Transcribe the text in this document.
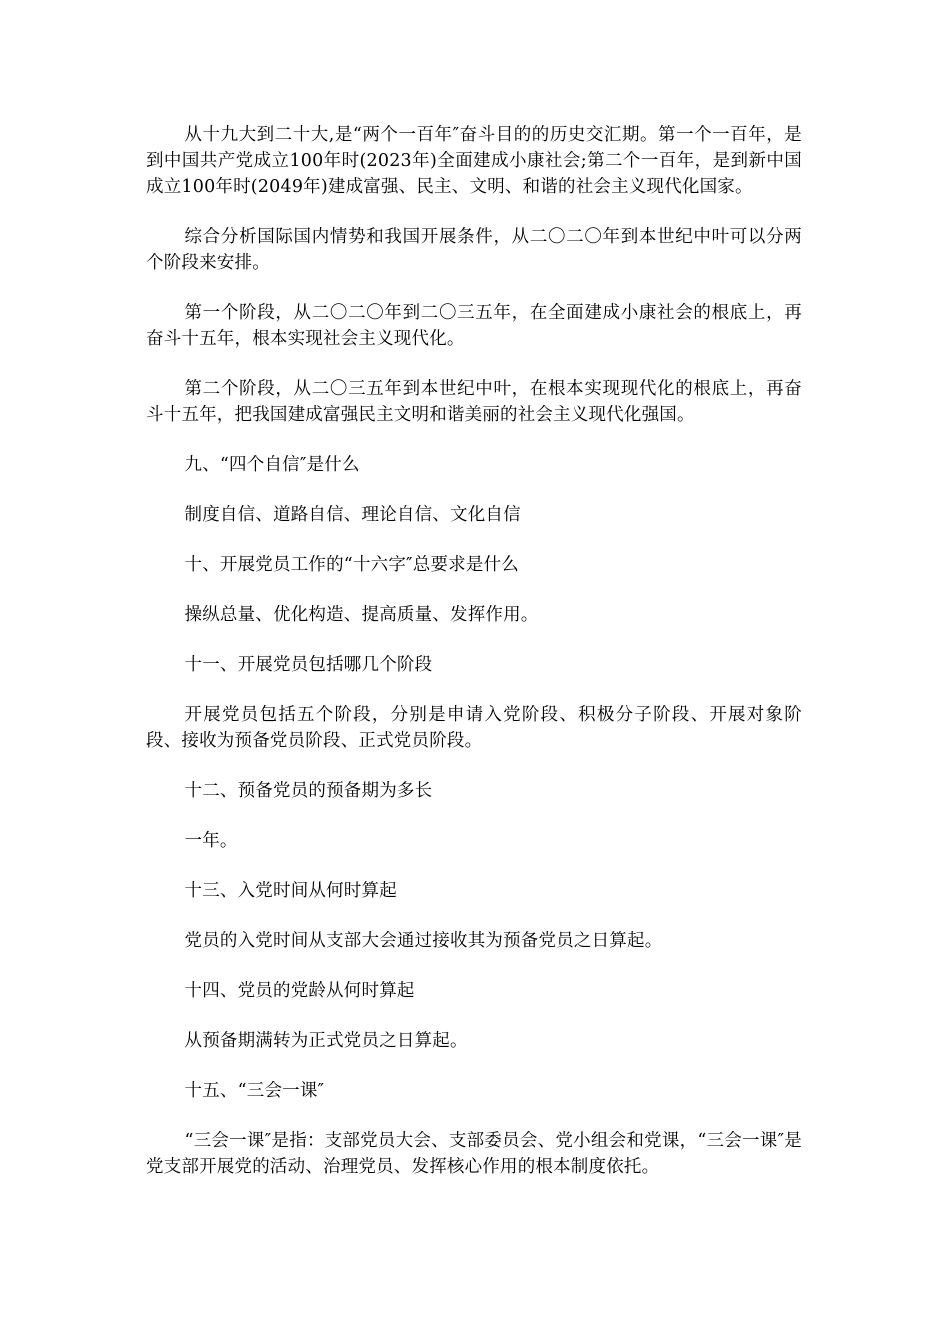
从十九大到二十大,是“两个一百年″奋斗目的的历史交汇期。第一个一百年，是到中国共产党成立100年时(2023年)全面建成小康社会;第二个一百年，是到新中国成立100年时(2049年)建成富强、民主、文明、和谐的社会主义现代化国家。

综合分析国际国内情势和我国开展条件，从二〇二〇年到本世纪中叶可以分两个阶段来安排。

第一个阶段，从二〇二〇年到二〇三五年，在全面建成小康社会的根底上，再奋斗十五年，根本实现社会主义现代化。

第二个阶段，从二〇三五年到本世纪中叶，在根本实现现代化的根底上，再奋斗十五年，把我国建成富强民主文明和谐美丽的社会主义现代化强国。

九、“四个自信″是什么

制度自信、道路自信、理论自信、文化自信

十、开展党员工作的“十六字″总要求是什么

操纵总量、优化构造、提高质量、发挥作用。

十一、开展党员包括哪几个阶段

开展党员包括五个阶段，分别是申请入党阶段、积极分子阶段、开展对象阶段、接收为预备党员阶段、正式党员阶段。

十二、预备党员的预备期为多长

一年。

十三、入党时间从何时算起

党员的入党时间从支部大会通过接收其为预备党员之日算起。

十四、党员的党龄从何时算起

从预备期满转为正式党员之日算起。

十五、“三会一课″

“三会一课″是指：支部党员大会、支部委员会、党小组会和党课，“三会一课″是党支部开展党的活动、治理党员、发挥核心作用的根本制度依托。
